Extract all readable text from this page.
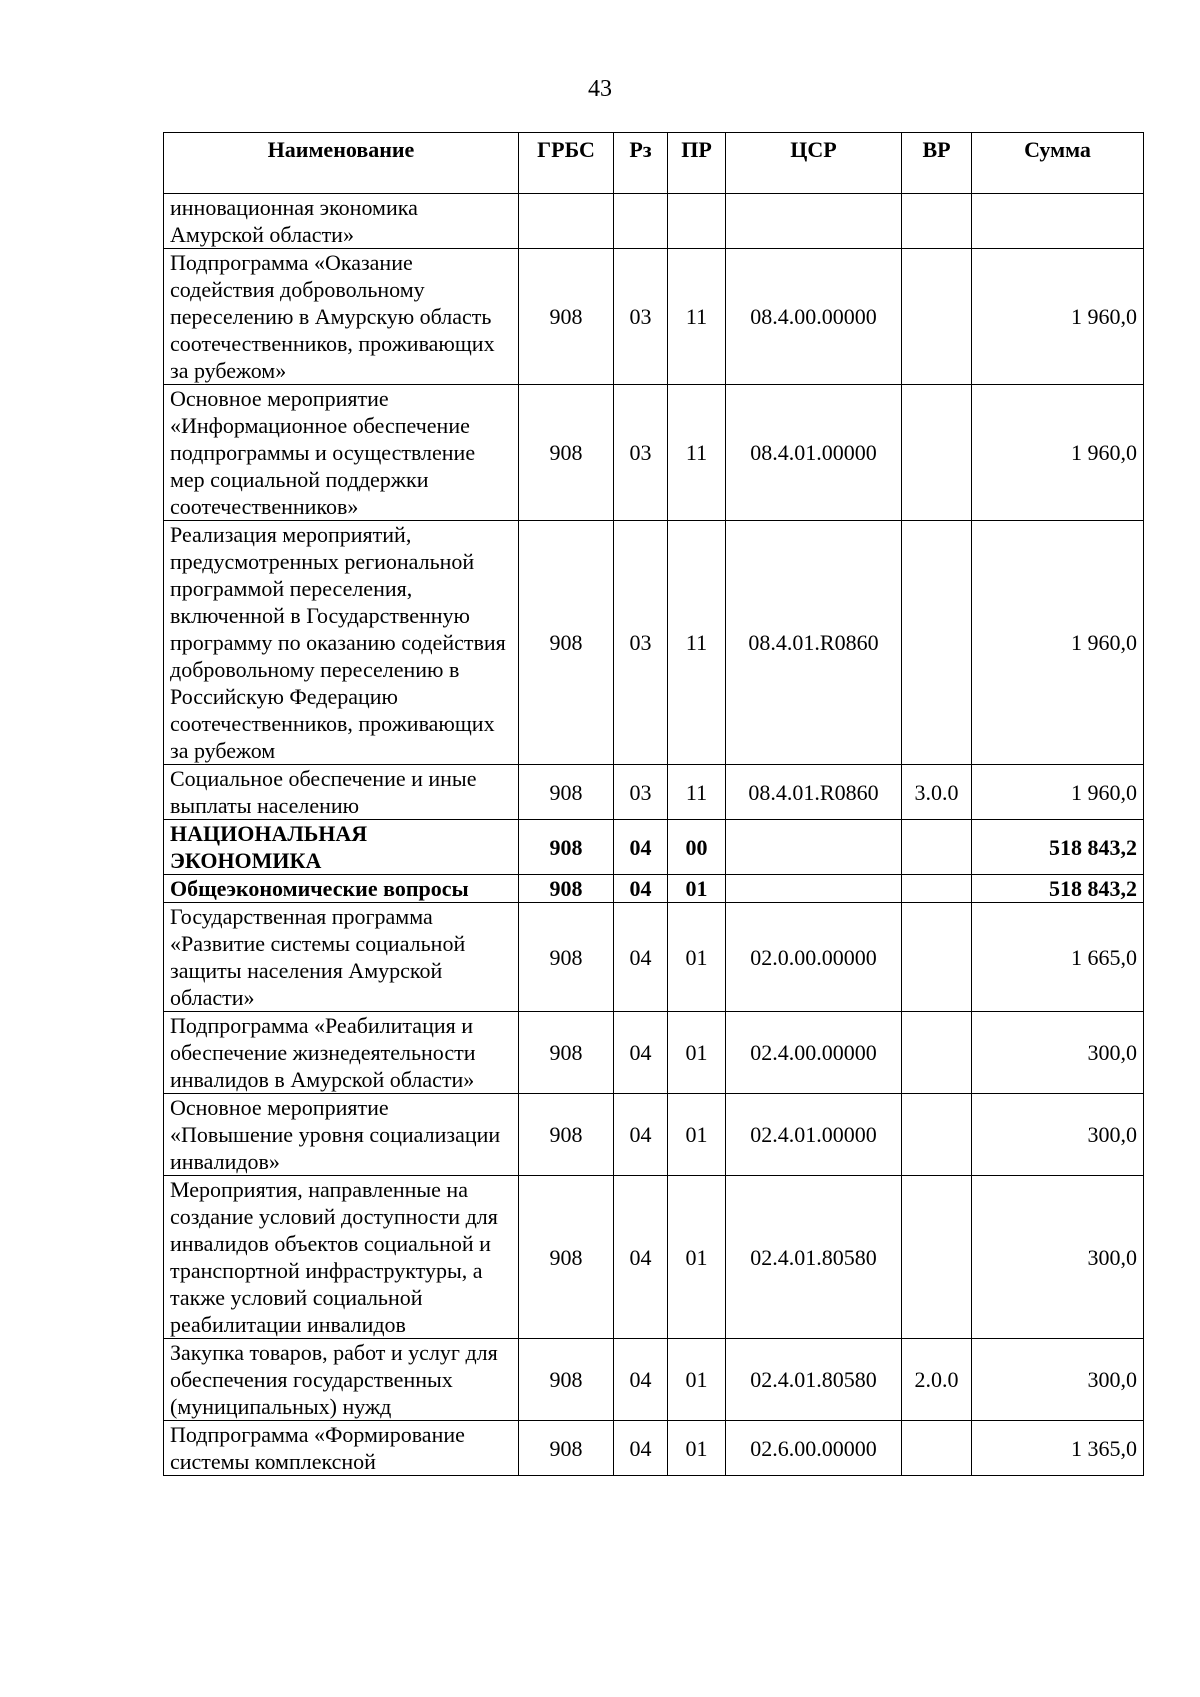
43
Наименование	ГРБС	Рз	ПР	ЦСР	ВР	Сумма
инновационная экономика Амурской области»						
Подпрограмма «Оказание содействия добровольному переселению в Амурскую область соотечественников, проживающих за рубежом»	908	03	11	08.4.00.00000		1 960,0
Основное мероприятие «Информационное обеспечение подпрограммы и осуществление мер социальной поддержки соотечественников»	908	03	11	08.4.01.00000		1 960,0
Реализация мероприятий, предусмотренных региональной программой переселения, включенной в Государственную программу по оказанию содействия добровольному переселению в Российскую Федерацию соотечественников, проживающих за рубежом	908	03	11	08.4.01.R0860		1 960,0
Социальное обеспечение и иные выплаты населению	908	03	11	08.4.01.R0860	3.0.0	1 960,0
НАЦИОНАЛЬНАЯ ЭКОНОМИКА	908	04	00			518 843,2
Общеэкономические вопросы	908	04	01			518 843,2
Государственная программа «Развитие системы социальной защиты населения Амурской области»	908	04	01	02.0.00.00000		1 665,0
Подпрограмма «Реабилитация и обеспечение жизнедеятельности инвалидов в Амурской области»	908	04	01	02.4.00.00000		300,0
Основное мероприятие «Повышение уровня социализации инвалидов»	908	04	01	02.4.01.00000		300,0
Мероприятия, направленные на создание условий доступности для инвалидов объектов социальной и транспортной инфраструктуры, а также условий социальной реабилитации инвалидов	908	04	01	02.4.01.80580		300,0
Закупка товаров, работ и услуг для обеспечения государственных (муниципальных) нужд	908	04	01	02.4.01.80580	2.0.0	300,0
Подпрограмма «Формирование системы комплексной	908	04	01	02.6.00.00000		1 365,0
